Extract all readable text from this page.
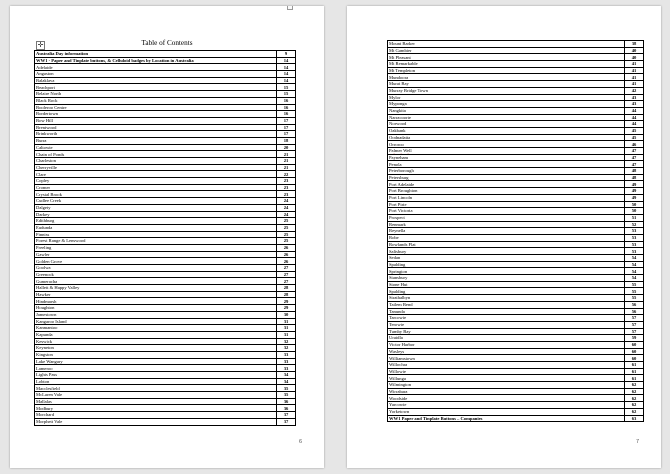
✛	Table of Contents
Australia Day information	9
WW1 - Paper and Tinplate buttons, & Celluloid badges by Location in Australia	14
Adelaide	14
Angaston	14
Balaklava	14
Beachport	15
Belaire North	15
Black Rock	16
Booleroo Centre	16
Bordertown	16
Bow Hill	17
Brentwood	17
Brinkworth	17
Burra	18
Caltowie	20
Chain of Ponds	21
Charleston	21
Cherryville	21
Clare	22
Copley	23
Cromer	23
Crystal Brook	23
Cudlee Creek	24
Dalgety	24
Darkey	24
Edithburg	25
Eudunda	25
Finniss	25
Forest Range & Lenswood	25
Freeling	26
Gawler	26
Golden Grove	26
Goolwa	27
Greenock	27
Gumeracha	27
Hallett & Happy Valley	28
Hawker	28
Hindmarsh	29
Houghton	29
Jamestown	30
Kangaroo Island	31
Kanmantoo	31
Kapunda	31
Keswick	32
Keyneton	32
Kingston	33
Lake Wangary	33
Lameroo	33
Lights Pass	34
Lobton	34
Macclesfield	35
McLaren Vale	35
Mallalas	36
Modbury	36
Morchard	37
Morphett Vale	37
6
Mount Barker	38
Mt Gambier	40
Mt Pleasant	40
Mt Remarkable	41
Mt Templeton	41
Mundoora	41
Murat Bay	41
Murray Bridge Town	42
Mylor	43
Myponga	43
Nangkita	44
Narracoorte	44
Norwood	44
Oakbank	45
Oodnadatta	45
Orroroo	46
Palmer Well	47
Payneham	47
Penola	47
Peterborough	48
Petersburg	48
Port Adelaide	49
Port Broughton	49
Port Lincoln	49
Port Pirie	50
Port Victoria	50
Prospect	51
Renmark	52
Reynella	53
Robe	53
Rowlands Flat	53
Salisbury	53
Sedan	54
Spalding	54
Springton	54
Stansbury	54
Stone Hut	55
Spalding	55
Strathalbyn	55
Tailem Bend	56
Tanunda	56
Tarcowie	57
Terowie	57
Tumby Bay	57
Uraidla	59
Victor Harbor	60
Wasleys	60
Williamstown	60
Willochra	61
Willowie	61
Willunga	61
Wilmington	62
Wirrabara	62
Woodside	62
Yarcowie	62
Yorketown	62
WW1 Paper and Tinplate Buttons – Companies	63
7
